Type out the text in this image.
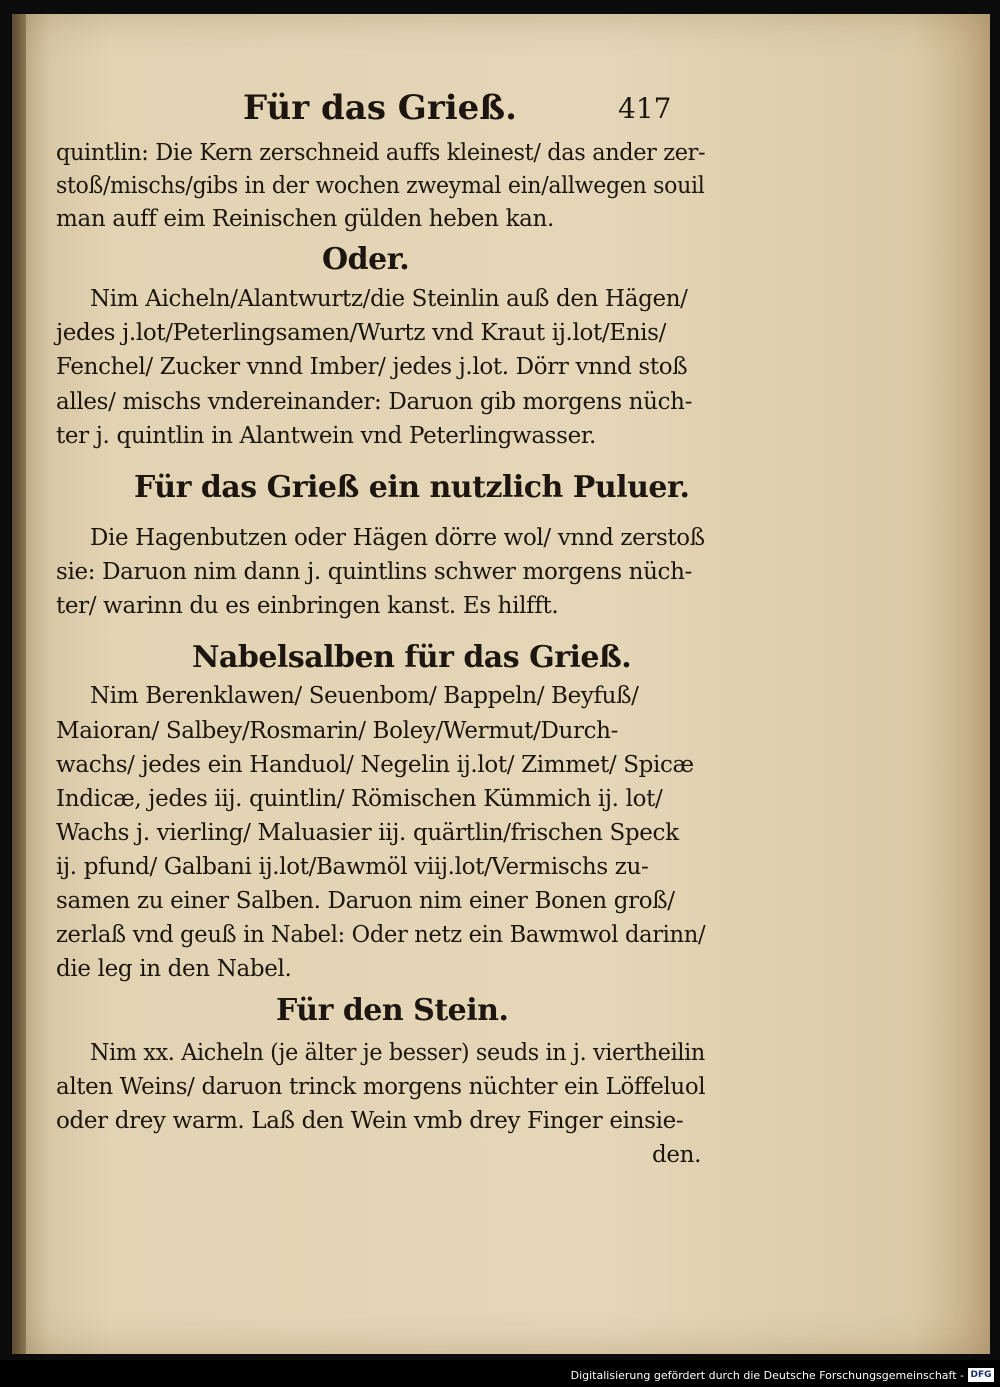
Für das Grieß.	417
quintlin: Die Kern zerschneid auffs kleinest/ das ander zer-
stoß/mischs/gibs in der wochen zweymal ein/allwegen souil
man auff eim Reinischen gülden heben kan.
Oder.
Nim Aicheln/Alantwurtz/die Steinlin auß den Hägen/
jedes j.lot/Peterlingsamen/Wurtz vnd Kraut ij.lot/Enis/
Fenchel/ Zucker vnnd Imber/ jedes j.lot. Dörr vnnd stoß
alles/ mischs vndereinander: Daruon gib morgens nüch-
ter j. quintlin in Alantwein vnd Peterlingwasser.
Für das Grieß ein nutzlich Puluer.
Die Hagenbutzen oder Hägen dörre wol/ vnnd zerstoß
sie: Daruon nim dann j. quintlins schwer morgens nüch-
ter/ warinn du es einbringen kanst. Es hilfft.
Nabelsalben für das Grieß.
Nim Berenklawen/ Seuenbom/ Bappeln/ Beyfuß/
Maioran/ Salbey/Rosmarin/ Boley/Wermut/Durch-
wachs/ jedes ein Handuol/ Negelin ij.lot/ Zimmet/ Spicæ
Indicæ, jedes iij. quintlin/ Römischen Kümmich ij. lot/
Wachs j. vierling/ Maluasier iij. quärtlin/frischen Speck
ij. pfund/ Galbani ij.lot/Bawmöl viij.lot/Vermischs zu-
samen zu einer Salben. Daruon nim einer Bonen groß/
zerlaß vnd geuß in Nabel: Oder netz ein Bawmwol darinn/
die leg in den Nabel.
Für den Stein.
Nim xx. Aicheln (je älter je besser) seuds in j. viertheilin
alten Weins/ daruon trinck morgens nüchter ein Löffeluol
oder drey warm. Laß den Wein vmb drey Finger einsie-
den.
Digitalisierung gefördert durch die Deutsche Forschungsgemeinschaft - DFG
